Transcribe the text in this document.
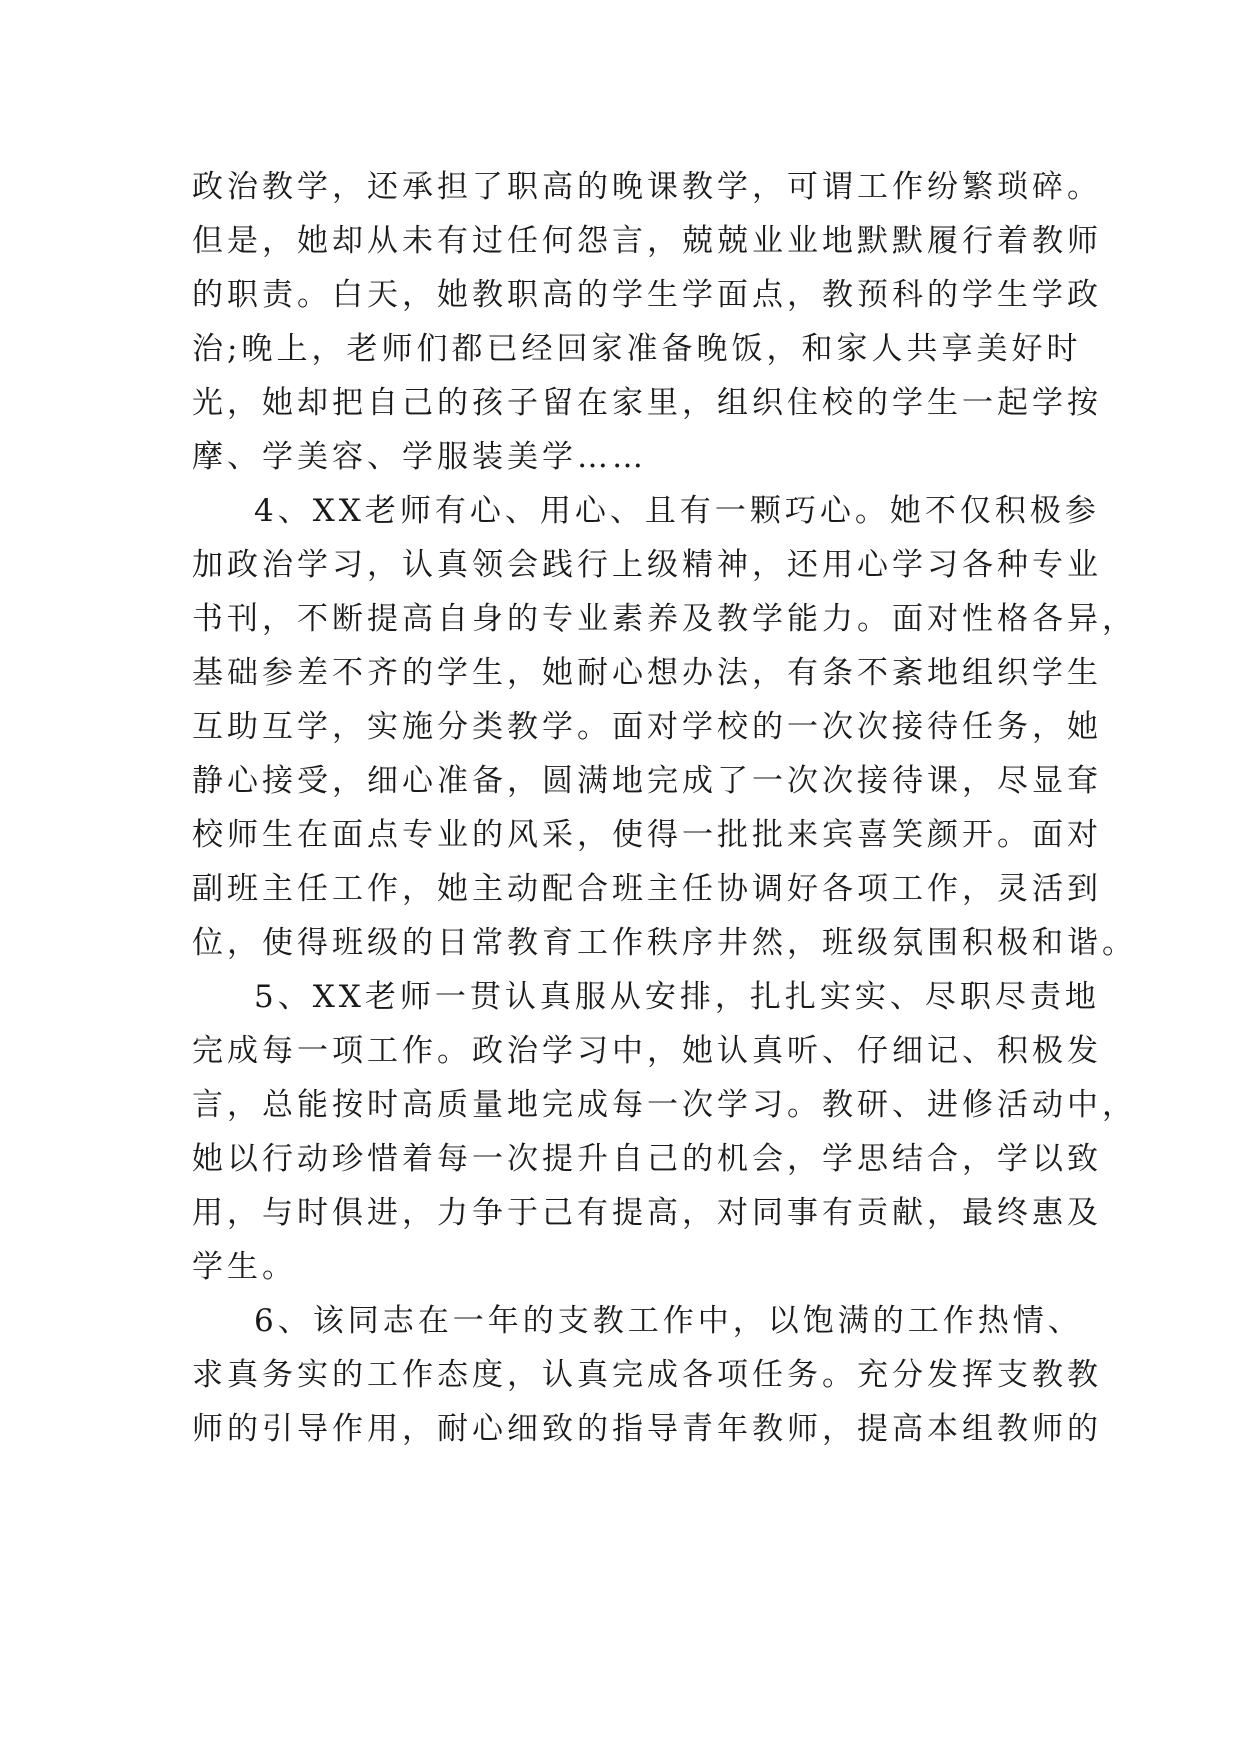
政治教学，还承担了职高的晚课教学，可谓工作纷繁琐碎。
但是，她却从未有过任何怨言，兢兢业业地默默履行着教师
的职责。白天，她教职高的学生学面点，教预科的学生学政
治;晚上，老师们都已经回家准备晚饭，和家人共享美好时
光，她却把自己的孩子留在家里，组织住校的学生一起学按
摩、学美容、学服装美学……
4、XX老师有心、用心、且有一颗巧心。她不仅积极参
加政治学习，认真领会践行上级精神，还用心学习各种专业
书刊，不断提高自身的专业素养及教学能力。面对性格各异，
基础参差不齐的学生，她耐心想办法，有条不紊地组织学生
互助互学，实施分类教学。面对学校的一次次接待任务，她
静心接受，细心准备，圆满地完成了一次次接待课，尽显耷
校师生在面点专业的风采，使得一批批来宾喜笑颜开。面对
副班主任工作，她主动配合班主任协调好各项工作，灵活到
位，使得班级的日常教育工作秩序井然，班级氛围积极和谐。
5、XX老师一贯认真服从安排，扎扎实实、尽职尽责地
完成每一项工作。政治学习中，她认真听、仔细记、积极发
言，总能按时高质量地完成每一次学习。教研、进修活动中，
她以行动珍惜着每一次提升自己的机会，学思结合，学以致
用，与时俱进，力争于己有提高，对同事有贡献，最终惠及
学生。
6、该同志在一年的支教工作中，以饱满的工作热情、
求真务实的工作态度，认真完成各项任务。充分发挥支教教
师的引导作用，耐心细致的指导青年教师，提高本组教师的
